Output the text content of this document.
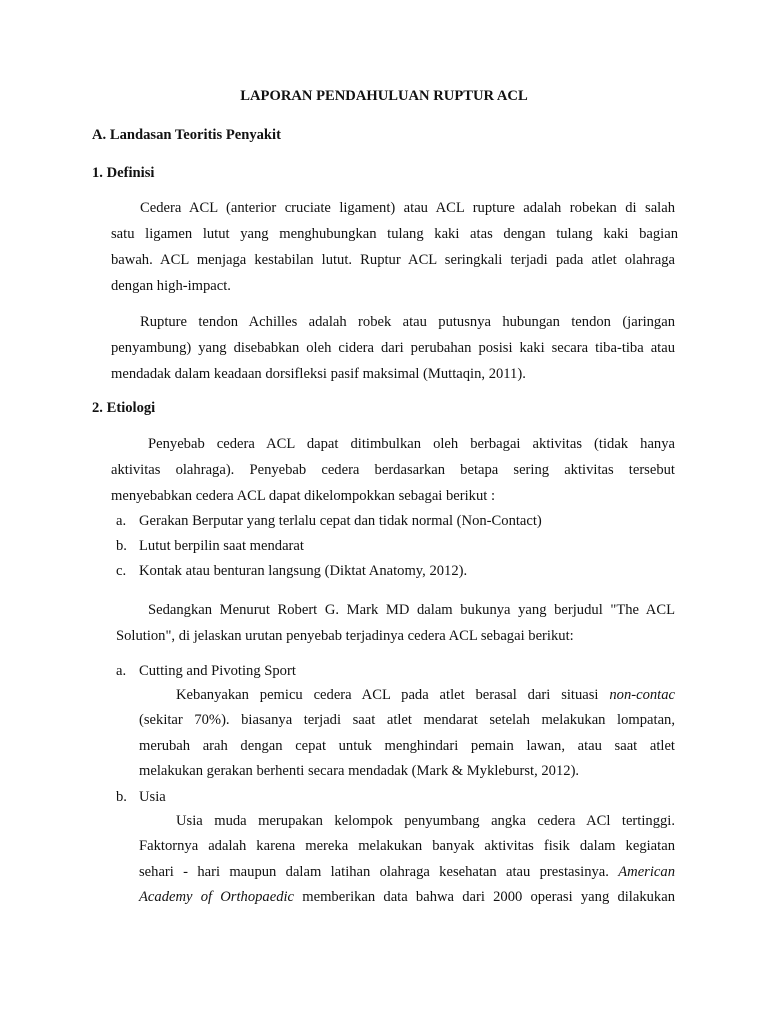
LAPORAN PENDAHULUAN RUPTUR ACL
A. Landasan Teoritis Penyakit
1. Definisi
Cedera ACL (anterior cruciate ligament) atau ACL rupture adalah robekan di salah
satu ligamen lutut yang menghubungkan tulang kaki atas dengan tulang kaki bagian
bawah. ACL menjaga kestabilan lutut. Ruptur ACL seringkali terjadi pada atlet olahraga
dengan high-impact.
Rupture tendon Achilles adalah robek atau putusnya hubungan tendon (jaringan
penyambung) yang disebabkan oleh cidera dari perubahan posisi kaki secara tiba-tiba atau
mendadak dalam keadaan dorsifleksi pasif maksimal (Muttaqin, 2011).
2. Etiologi
Penyebab cedera ACL dapat ditimbulkan oleh berbagai aktivitas (tidak hanya
aktivitas olahraga). Penyebab cedera berdasarkan betapa sering aktivitas tersebut
menyebabkan cedera ACL dapat dikelompokkan sebagai berikut :
a. Gerakan Berputar yang terlalu cepat dan tidak normal (Non-Contact)
b. Lutut berpilin saat mendarat
c. Kontak atau benturan langsung (Diktat Anatomy, 2012).
Sedangkan Menurut Robert G. Mark MD dalam bukunya yang berjudul "The ACL
Solution", di jelaskan urutan penyebab terjadinya cedera ACL sebagai berikut:
a. Cutting and Pivoting Sport
Kebanyakan pemicu cedera ACL pada atlet berasal dari situasi non-contac
(sekitar 70%). biasanya terjadi saat atlet mendarat setelah melakukan lompatan,
merubah arah dengan cepat untuk menghindari pemain lawan, atau saat atlet
melakukan gerakan berhenti secara mendadak (Mark & Mykleburst, 2012).
b. Usia
Usia muda merupakan kelompok penyumbang angka cedera ACl tertinggi.
Faktornya adalah karena mereka melakukan banyak aktivitas fisik dalam kegiatan
sehari - hari maupun dalam latihan olahraga kesehatan atau prestasinya. American
Academy of Orthopaedic memberikan data bahwa dari 2000 operasi yang dilakukan
